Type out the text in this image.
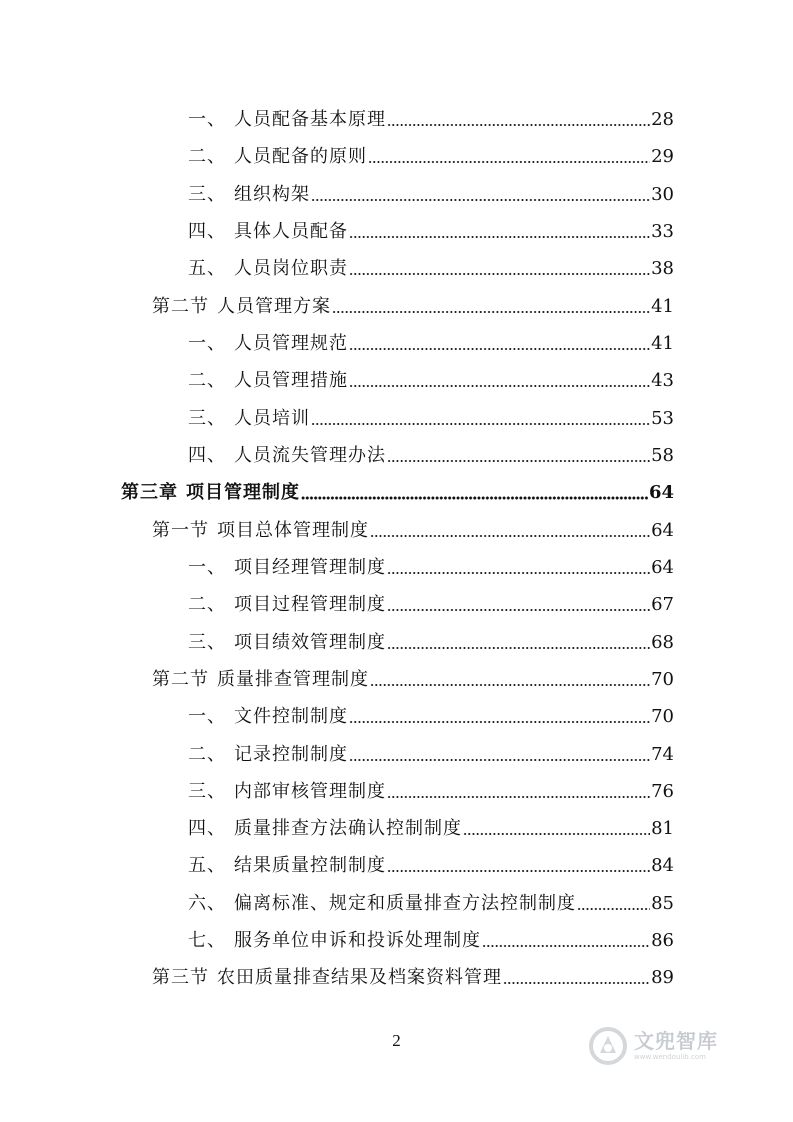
一、 人员配备基本原理	28
二、 人员配备的原则	29
三、 组织构架	30
四、 具体人员配备	33
五、 人员岗位职责	38
第二节 人员管理方案	41
一、 人员管理规范	41
二、 人员管理措施	43
三、 人员培训	53
四、 人员流失管理办法	58
第三章 项目管理制度	64
第一节 项目总体管理制度	64
一、 项目经理管理制度	64
二、 项目过程管理制度	67
三、 项目绩效管理制度	68
第二节 质量排查管理制度	70
一、 文件控制制度	70
二、 记录控制制度	74
三、 内部审核管理制度	76
四、 质量排查方法确认控制制度	81
五、 结果质量控制制度	84
六、 偏离标准、规定和质量排查方法控制制度	85
七、 服务单位申诉和投诉处理制度	86
第三节 农田质量排查结果及档案资料管理	89
2	文兜智库
www.wendoulib.com
